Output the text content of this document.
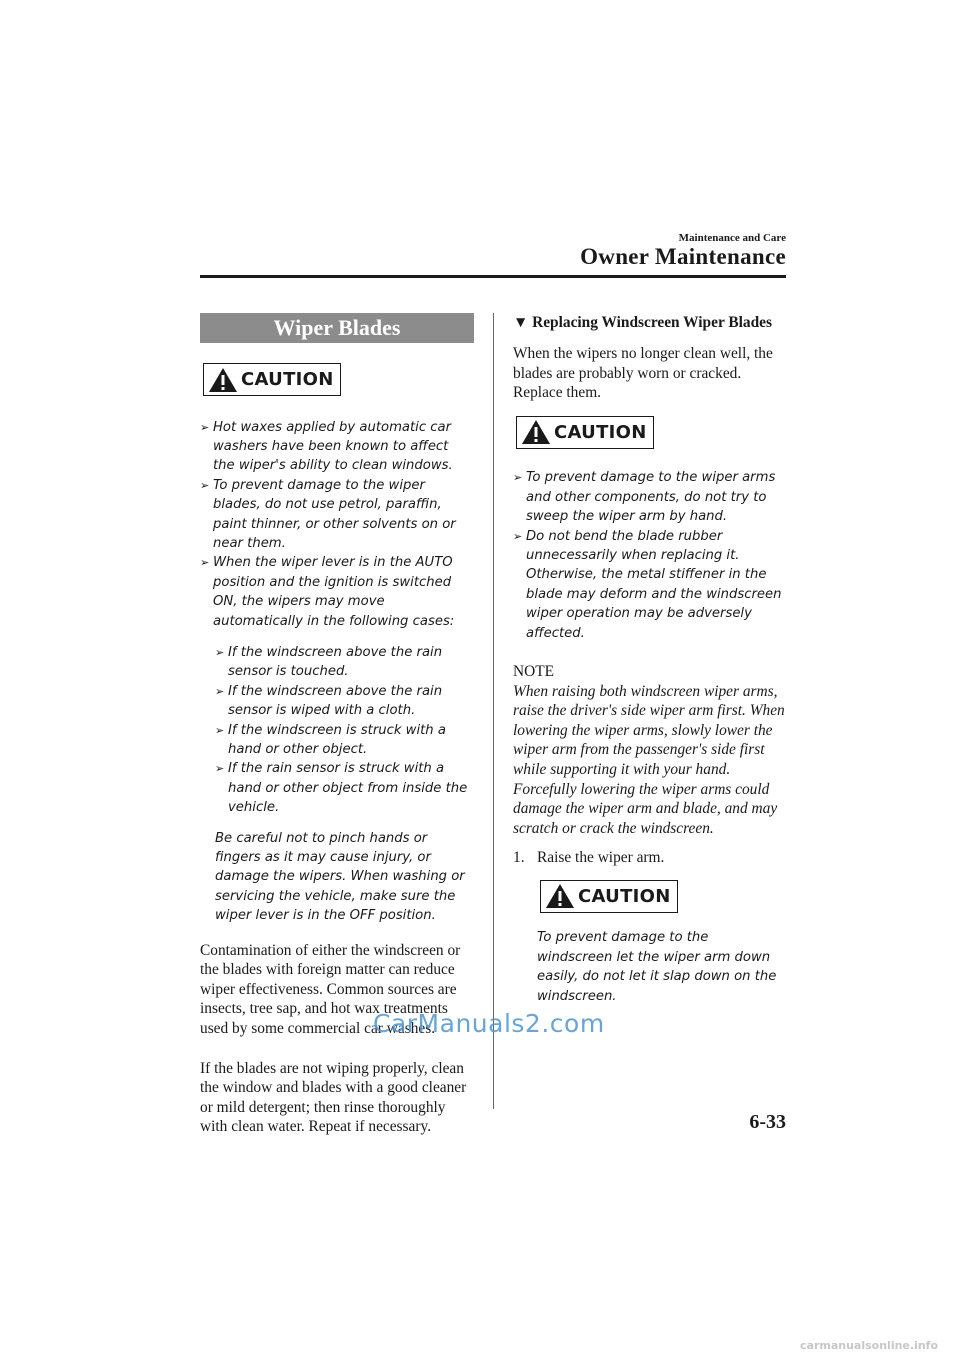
Maintenance and Care
Owner Maintenance
Wiper Blades
CAUTION
➢ Hot waxes applied by automatic car washers have been known to affect the wiper's ability to clean windows.
➢ To prevent damage to the wiper blades, do not use petrol, paraffin, paint thinner, or other solvents on or near them.
➢ When the wiper lever is in the AUTO position and the ignition is switched ON, the wipers may move automatically in the following cases:
➢ If the windscreen above the rain sensor is touched.
➢ If the windscreen above the rain sensor is wiped with a cloth.
➢ If the windscreen is struck with a hand or other object.
➢ If the rain sensor is struck with a hand or other object from inside the vehicle.
Be careful not to pinch hands or fingers as it may cause injury, or damage the wipers. When washing or servicing the vehicle, make sure the wiper lever is in the OFF position.
Contamination of either the windscreen or the blades with foreign matter can reduce wiper effectiveness. Common sources are insects, tree sap, and hot wax treatments used by some commercial car washes.
If the blades are not wiping properly, clean the window and blades with a good cleaner or mild detergent; then rinse thoroughly with clean water. Repeat if necessary.
▼ Replacing Windscreen Wiper Blades
When the wipers no longer clean well, the blades are probably worn or cracked. Replace them.
CAUTION
➢ To prevent damage to the wiper arms and other components, do not try to sweep the wiper arm by hand.
➢ Do not bend the blade rubber unnecessarily when replacing it. Otherwise, the metal stiffener in the blade may deform and the windscreen wiper operation may be adversely affected.
NOTE
When raising both windscreen wiper arms, raise the driver's side wiper arm first. When lowering the wiper arms, slowly lower the wiper arm from the passenger's side first while supporting it with your hand. Forcefully lowering the wiper arms could damage the wiper arm and blade, and may scratch or crack the windscreen.
1. Raise the wiper arm.
CAUTION
To prevent damage to the windscreen let the wiper arm down easily, do not let it slap down on the windscreen.
CarManuals2.com
6-33
carmanualsonline.info
